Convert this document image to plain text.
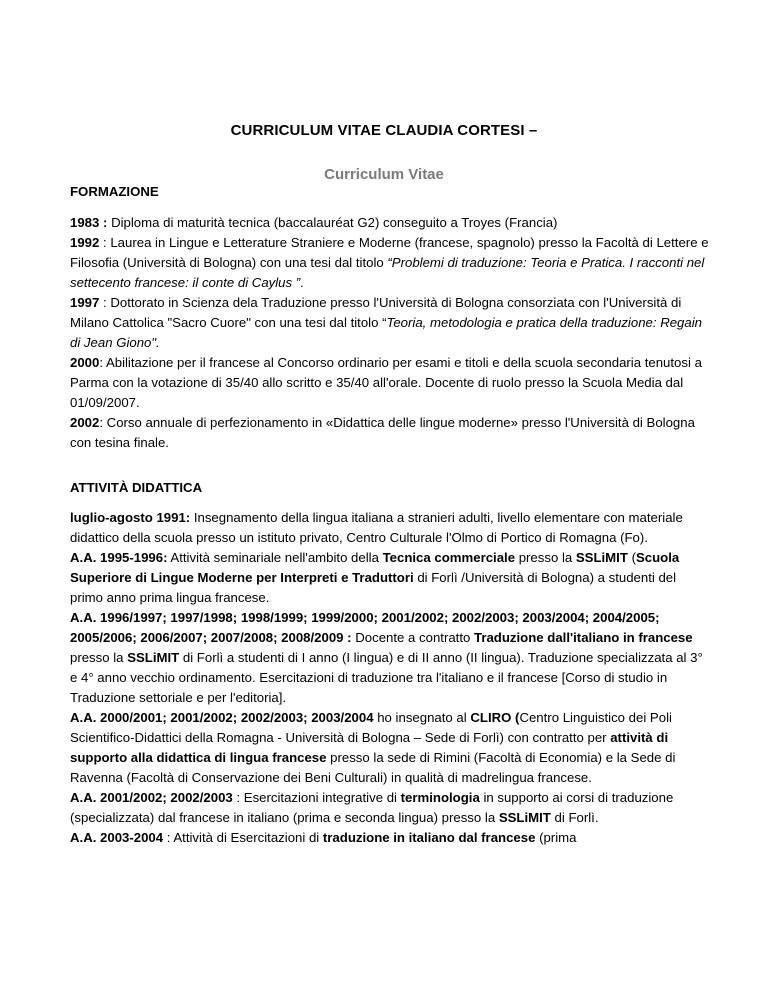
CURRICULUM VITAE CLAUDIA CORTESI –
Curriculum Vitae

FORMAZIONE

1983 : Diploma di maturità tecnica (baccalauréat G2) conseguito a Troyes (Francia)

1992 : Laurea in Lingue e Letterature Straniere e Moderne (francese, spagnolo) presso la Facoltà di Lettere e Filosofia (Università di Bologna) con una tesi dal titolo “Problemi di traduzione: Teoria e Pratica. I racconti nel settecento francese: il conte di Caylus ”.

1997 : Dottorato in Scienza dela Traduzione presso l'Università di Bologna consorziata con l'Università di Milano Cattolica "Sacro Cuore" con una tesi dal titolo “Teoria, metodologia e pratica della traduzione: Regain di Jean Giono".

2000: Abilitazione per il francese al Concorso ordinario per esami e titoli e della scuola secondaria tenutosi a Parma con la votazione di 35/40 allo scritto e 35/40 all'orale. Docente di ruolo presso la Scuola Media dal 01/09/2007.

2002: Corso annuale di perfezionamento in «Didattica delle lingue moderne» presso l'Università di Bologna con tesina finale.

ATTIVITÀ DIDATTICA

luglio-agosto 1991: Insegnamento della lingua italiana a stranieri adulti, livello elementare con materiale didattico della scuola presso un istituto privato, Centro Culturale l'Olmo di Portico di Romagna (Fo).

A.A. 1995-1996: Attività seminariale nell'ambito della Tecnica commerciale presso la SSLiMIT (Scuola Superiore di Lingue Moderne per Interpreti e Traduttori di Forlì /Università di Bologna) a studenti del primo anno prima lingua francese.

A.A. 1996/1997; 1997/1998; 1998/1999; 1999/2000; 2001/2002; 2002/2003; 2003/2004; 2004/2005; 2005/2006; 2006/2007; 2007/2008; 2008/2009 : Docente a contratto Traduzione dall'italiano in francese presso la SSLiMIT di Forlì a studenti di I anno (I lingua) e di II anno (II lingua). Traduzione specializzata al 3° e 4° anno vecchio ordinamento. Esercitazioni di traduzione tra l'italiano e il francese [Corso di studio in Traduzione settoriale e per l'editoria].

A.A. 2000/2001; 2001/2002; 2002/2003; 2003/2004 ho insegnato al CLIRO (Centro Linguistico dei Poli Scientifico-Didattici della Romagna - Università di Bologna – Sede di Forlì) con contratto per attività di supporto alla didattica di lingua francese presso la sede di Rimini (Facoltà di Economia) e la Sede di Ravenna (Facoltà di Conservazione dei Beni Culturali) in qualità di madrelingua francese.

A.A. 2001/2002; 2002/2003 : Esercitazioni integrative di terminologia in supporto ai corsi di traduzione (specializzata) dal francese in italiano (prima e seconda lingua) presso la SSLiMIT di Forlì.

A.A. 2003-2004 : Attività di Esercitazioni di traduzione in italiano dal francese (prima
